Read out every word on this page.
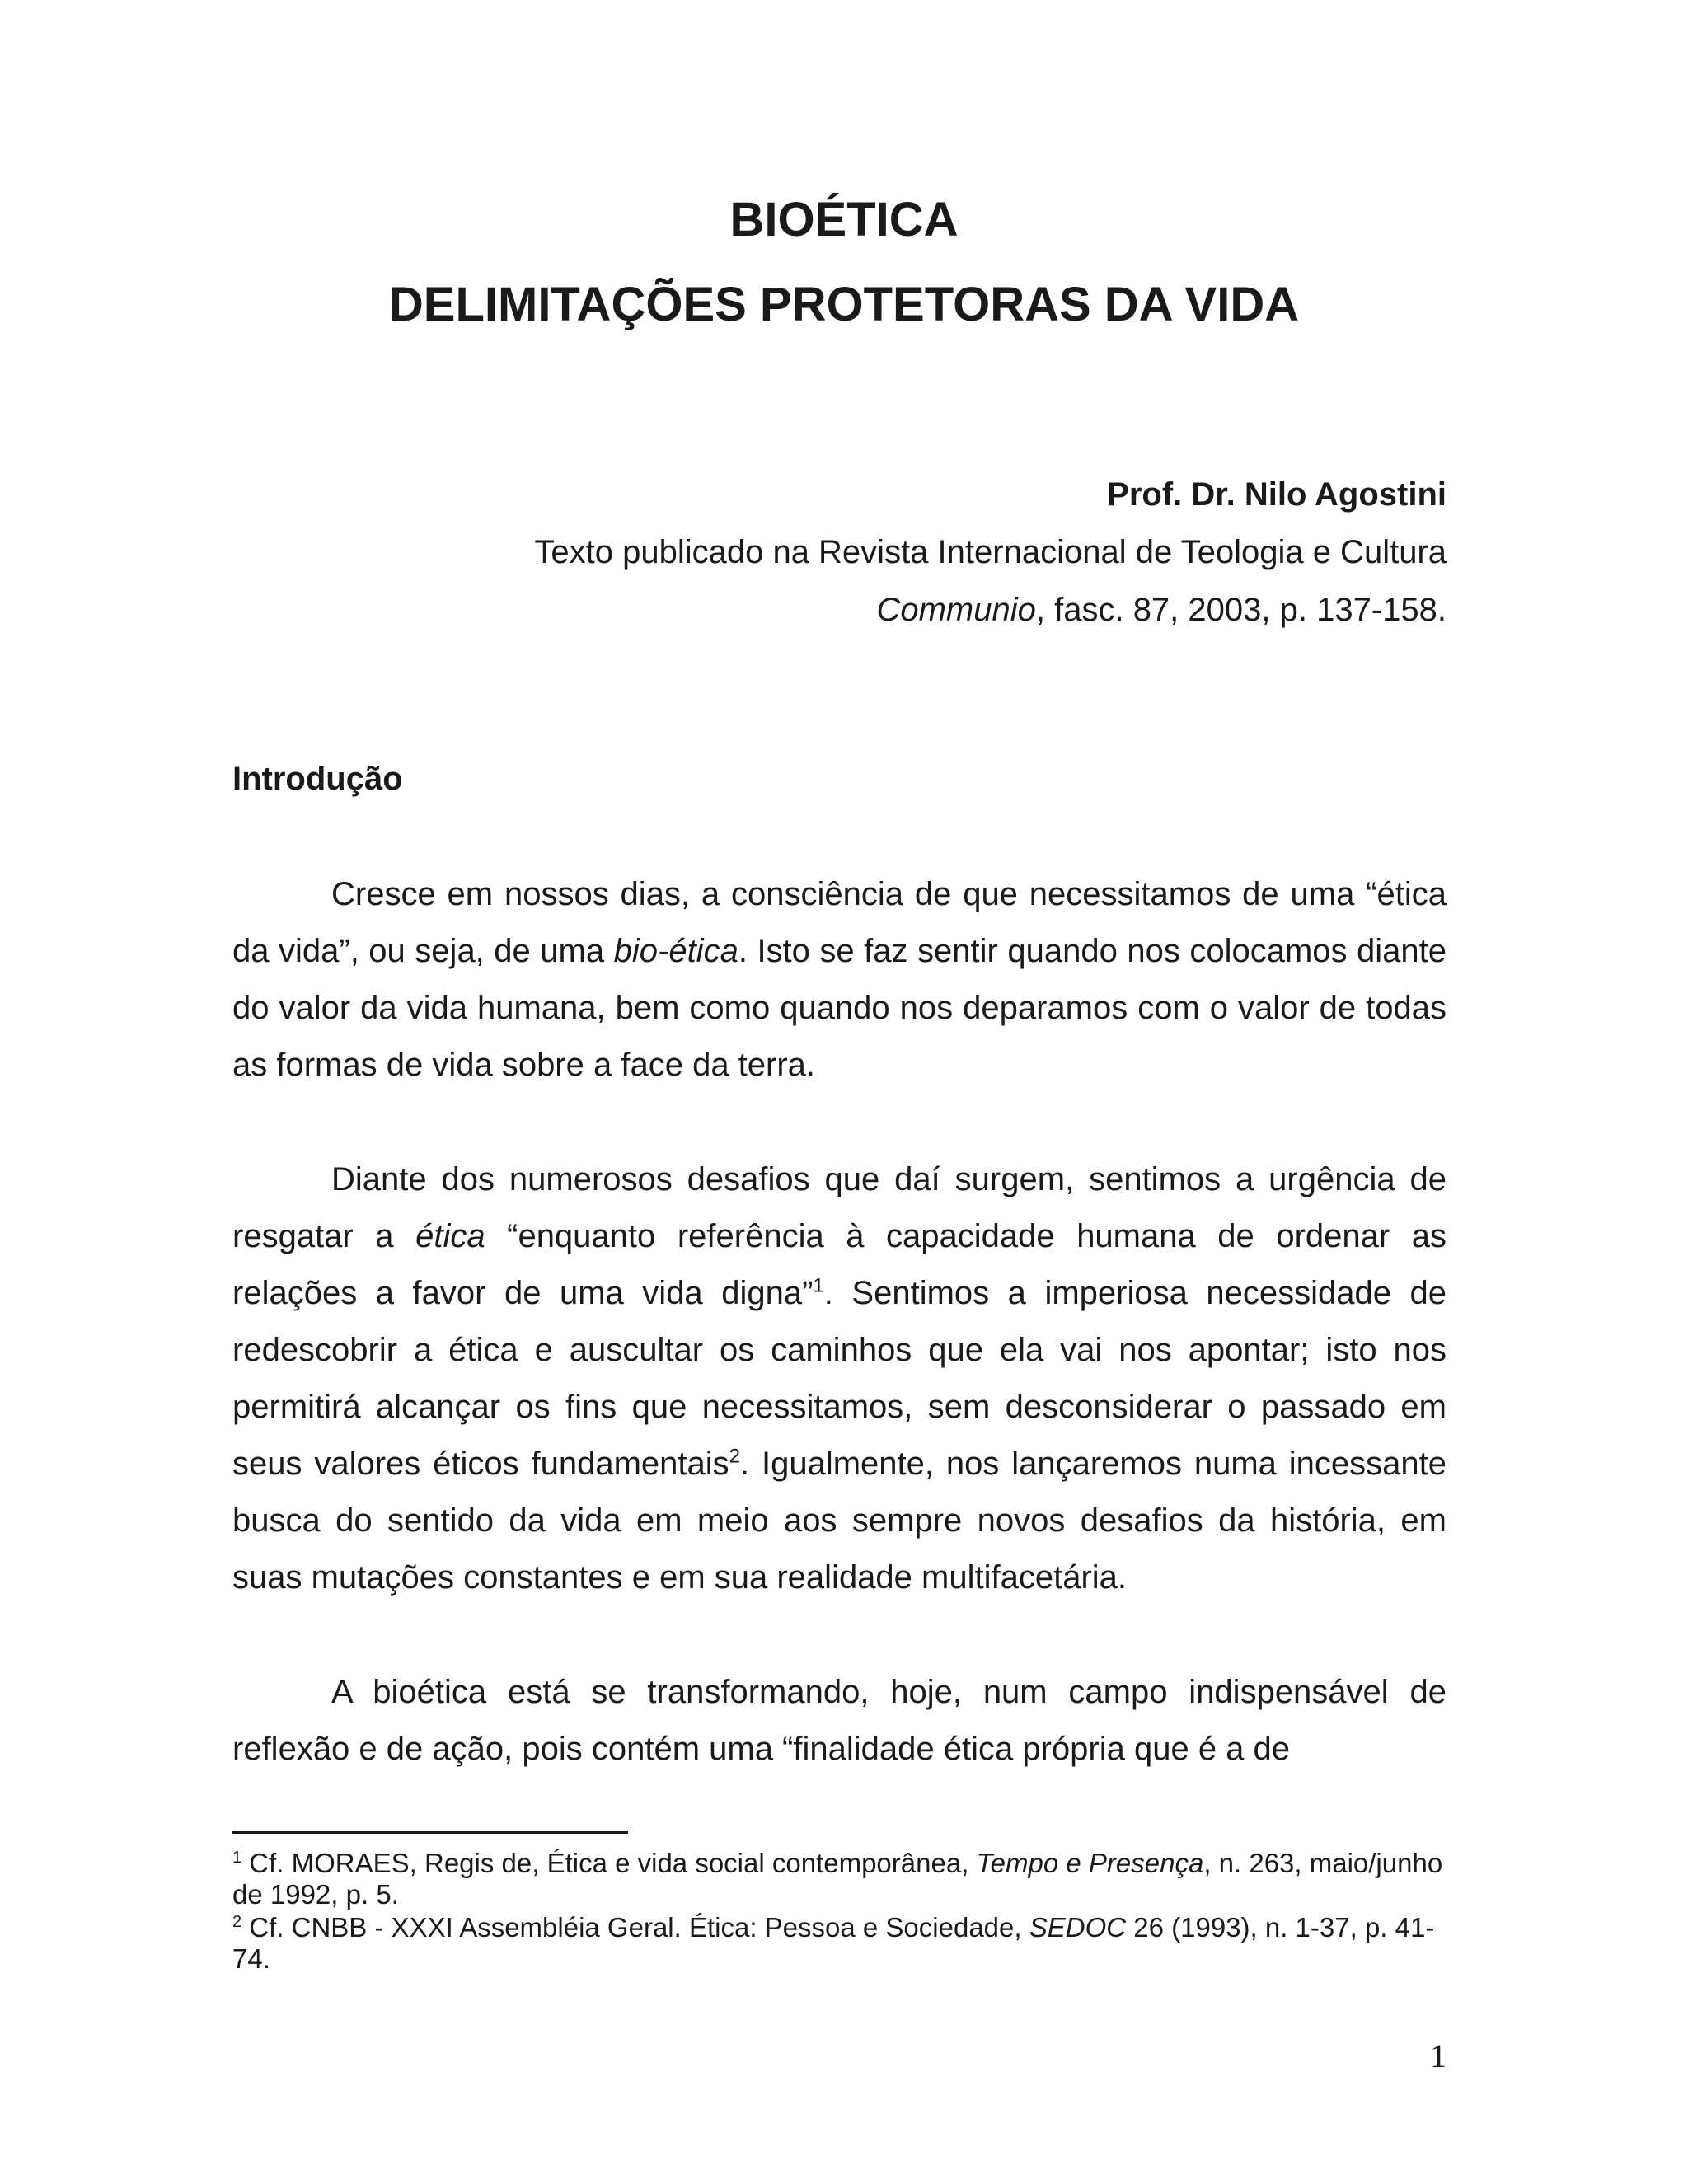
BIOÉTICA
DELIMITAÇÕES PROTETORAS DA VIDA
Prof. Dr. Nilo Agostini
Texto publicado na Revista Internacional de Teologia e Cultura
Communio, fasc. 87, 2003, p. 137-158.
Introdução

Cresce em nossos dias, a consciência de que necessitamos de uma “ética da vida”, ou seja, de uma bio-ética. Isto se faz sentir quando nos colocamos diante do valor da vida humana, bem como quando nos deparamos com o valor de todas as formas de vida sobre a face da terra.

Diante dos numerosos desafios que daí surgem, sentimos a urgência de resgatar a ética “enquanto referência à capacidade humana de ordenar as relações a favor de uma vida digna”$^1$. Sentimos a imperiosa necessidade de redescobrir a ética e auscultar os caminhos que ela vai nos apontar; isto nos permitirá alcançar os fins que necessitamos, sem desconsiderar o passado em seus valores éticos fundamentais$^2$. Igualmente, nos lançaremos numa incessante busca do sentido da vida em meio aos sempre novos desafios da história, em suas mutações constantes e em sua realidade multifacetária.

A bioética está se transformando, hoje, num campo indispensável de reflexão e de ação, pois contém uma “finalidade ética própria que é a de

$^1$ Cf. MORAES, Regis de, Ética e vida social contemporânea, Tempo e Presença, n. 263, maio/junho de 1992, p. 5.

$^2$ Cf. CNBB - XXXI Assembléia Geral. Ética: Pessoa e Sociedade, SEDOC 26 (1993), n. 1-37, p. 41-74.

1
